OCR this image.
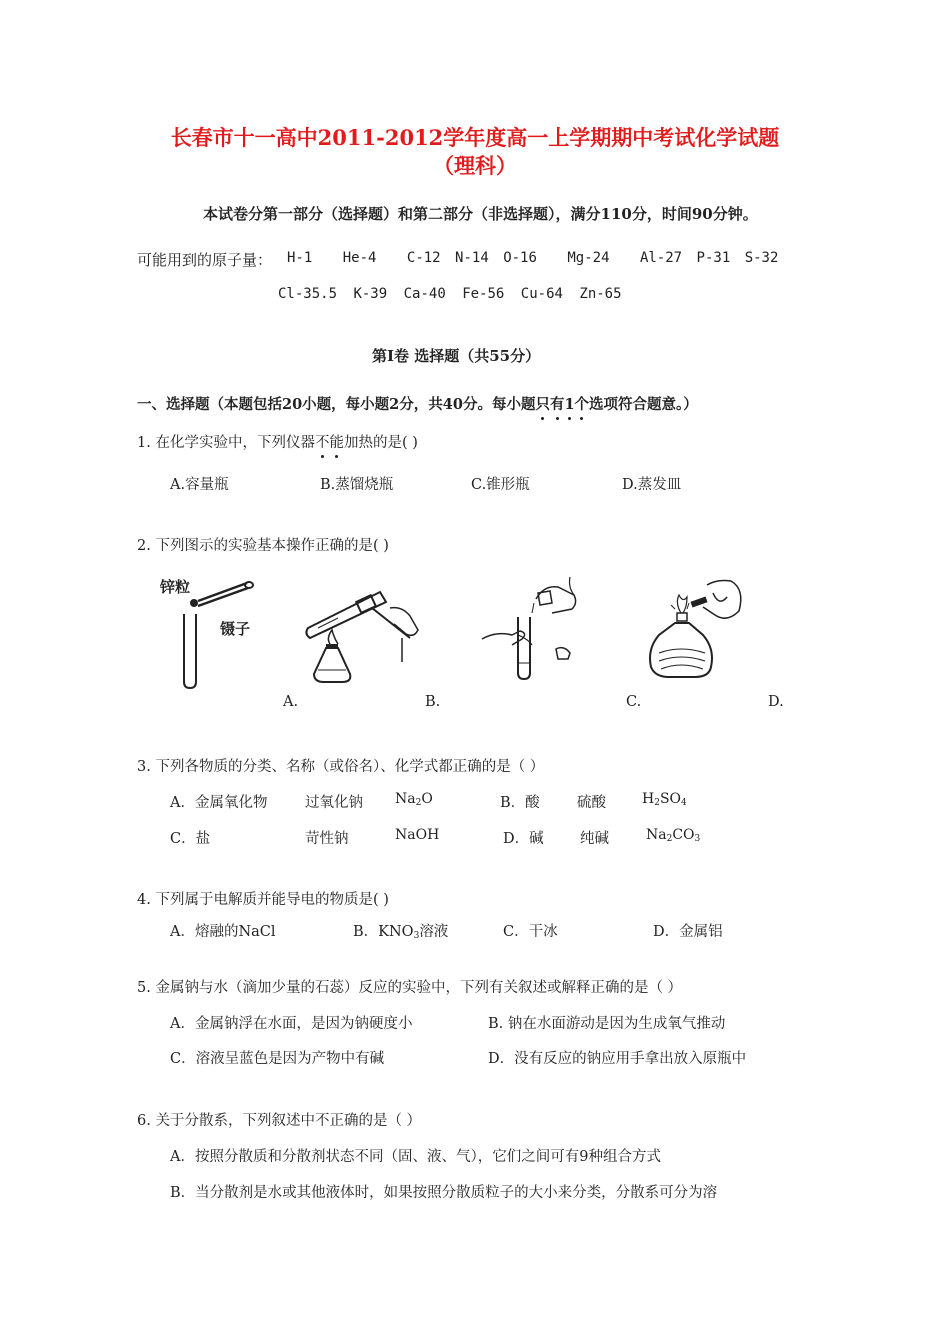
长春市十一高中2011-2012学年度高一上学期期中考试化学试题
（理科）
本试卷分第一部分（选择题）和第二部分（非选择题），满分110分，时间90分钟。
可能用到的原子量： H-1 He-4 C-12 N-14 O-16 Mg-24 Al-27 P-31 S-32
Cl-35.5 K-39 Ca-40 Fe-56 Cu-64 Zn-65
第Ⅰ卷 选择题（共55分）
一、选择题（本题包括20小题，每小题2分，共40分。每小题只有1个选项符合题意。）
1. 在化学实验中，下列仪器不能加热的是( )
A.容量瓶	B.蒸馏烧瓶	C.锥形瓶	D.蒸发皿
2. 下列图示的实验基本操作正确的是( )
锌粒
镊子
A.	B.	C.	D.
3. 下列各物质的分类、名称（或俗名）、化学式都正确的是（ ）
A．金属氧化物	过氧化钠 $Na_2O$	B．酸	硫酸	$H_2SO_4$
C．盐	苛性钠	NaOH	D．碱	纯碱	$Na_2CO_3$
4. 下列属于电解质并能导电的物质是( )
A．熔融的NaCl	B．$KNO_3$溶液	C．干冰	D．金属铝
5. 金属钠与水（滴加少量的石蕊）反应的实验中，下列有关叙述或解释正确的是（ ）
A．金属钠浮在水面，是因为钠硬度小	B. 钠在水面游动是因为生成氧气推动
C．溶液呈蓝色是因为产物中有碱	D．没有反应的钠应用手拿出放入原瓶中
6. 关于分散系，下列叙述中不正确的是（ ）
A．按照分散质和分散剂状态不同（固、液、气），它们之间可有9种组合方式
B．当分散剂是水或其他液体时，如果按照分散质粒子的大小来分类，分散系可分为溶
